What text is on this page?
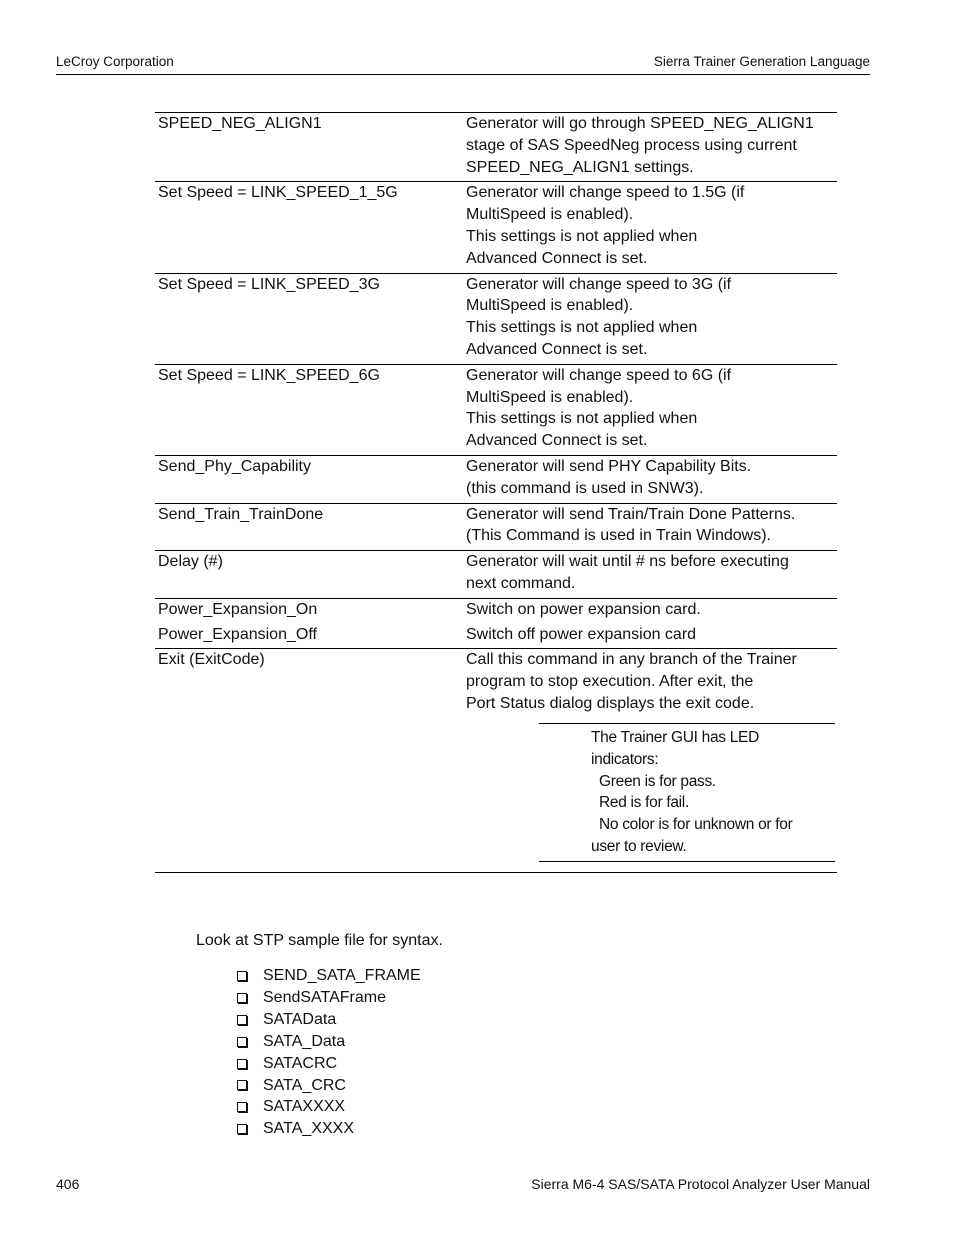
LeCroy Corporation	Sierra Trainer Generation Language
SPEED_NEG_ALIGN1	Generator will go through SPEED_NEG_ALIGN1
stage of SAS SpeedNeg process using current
SPEED_NEG_ALIGN1 settings.
Set Speed = LINK_SPEED_1_5G	Generator will change speed to 1.5G (if
MultiSpeed is enabled).
This settings is not applied when
Advanced Connect is set.
Set Speed = LINK_SPEED_3G	Generator will change speed to 3G (if
MultiSpeed is enabled).
This settings is not applied when
Advanced Connect is set.
Set Speed = LINK_SPEED_6G	Generator will change speed to 6G (if
MultiSpeed is enabled).
This settings is not applied when
Advanced Connect is set.
Send_Phy_Capability	Generator will send PHY Capability Bits.
(this command is used in SNW3).
Send_Train_TrainDone	Generator will send Train/Train Done Patterns.
(This Command is used in Train Windows).
Delay (#)	Generator will wait until # ns before executing
next command.
Power_Expansion_On	Switch on power expansion card.
Power_Expansion_Off	Switch off power expansion card
Exit (ExitCode)	Call this command in any branch of the Trainer
program to stop execution. After exit, the
Port Status dialog displays the exit code.
The Trainer GUI has LED
indicators:
Green is for pass.
Red is for fail.
No color is for unknown or for
user to review.
Look at STP sample file for syntax.
SEND_SATA_FRAME
SendSATAFrame
SATAData
SATA_Data
SATACRC
SATA_CRC
SATAXXXX
SATA_XXXX
406	Sierra M6-4 SAS/SATA Protocol Analyzer User Manual
